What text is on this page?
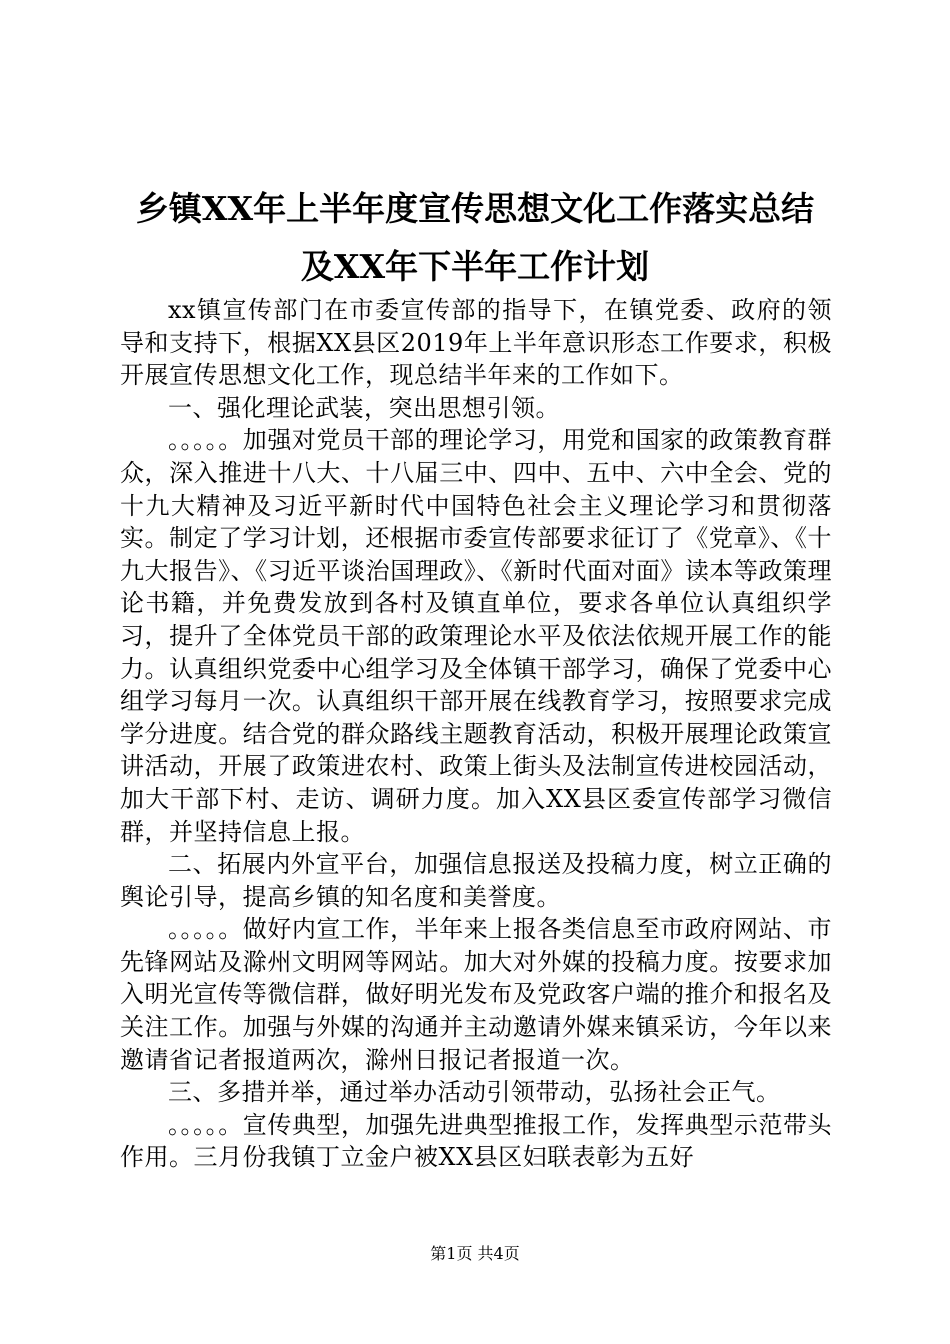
乡镇XX年上半年度宣传思想文化工作落实总结及XX年下半年工作计划

xx镇宣传部门在市委宣传部的指导下，在镇党委、政府的领导和支持下，根据XX县区2019年上半年意识形态工作要求，积极开展宣传思想文化工作，现总结半年来的工作如下。

一、强化理论武装，突出思想引领。

。。。。。加强对党员干部的理论学习，用党和国家的政策教育群众，深入推进十八大、十八届三中、四中、五中、六中全会、党的十九大精神及习近平新时代中国特色社会主义理论学习和贯彻落实。制定了学习计划，还根据市委宣传部要求征订了《党章》、《十九大报告》、《习近平谈治国理政》、《新时代面对面》读本等政策理论书籍，并免费发放到各村及镇直单位，要求各单位认真组织学习，提升了全体党员干部的政策理论水平及依法依规开展工作的能力。认真组织党委中心组学习及全体镇干部学习，确保了党委中心组学习每月一次。认真组织干部开展在线教育学习，按照要求完成学分进度。结合党的群众路线主题教育活动，积极开展理论政策宣讲活动，开展了政策进农村、政策上街头及法制宣传进校园活动，加大干部下村、走访、调研力度。加入XX县区委宣传部学习微信群，并坚持信息上报。

二、拓展内外宣平台，加强信息报送及投稿力度，树立正确的舆论引导，提高乡镇的知名度和美誉度。

。。。。。做好内宣工作，半年来上报各类信息至市政府网站、市先锋网站及滁州文明网等网站。加大对外媒的投稿力度。按要求加入明光宣传等微信群，做好明光发布及党政客户端的推介和报名及关注工作。加强与外媒的沟通并主动邀请外媒来镇采访，今年以来邀请省记者报道两次，滁州日报记者报道一次。

三、多措并举，通过举办活动引领带动，弘扬社会正气。

。。。。。宣传典型，加强先进典型推报工作，发挥典型示范带头作用。三月份我镇丁立金户被XX县区妇联表彰为五好

第1页 共4页
